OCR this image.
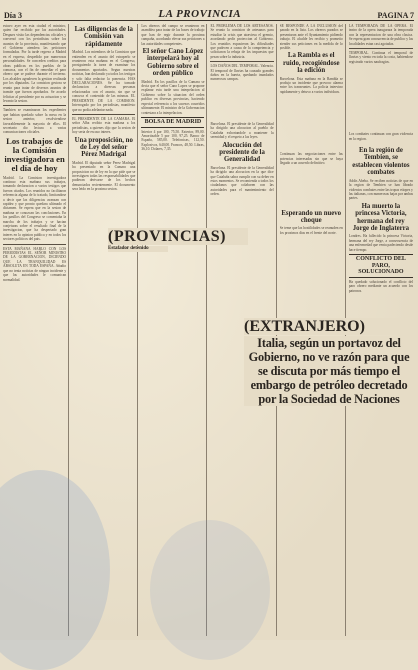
Día 3	LA PROVINCIA	PAGINA 7
estuvo ayer en esta ciudad el ministro, quien fue recibido por las autoridades. Despues visito las dependencias oficiales y conversó con los periodistas sobre los asuntos de la provincia, manifestando que el Gobierno atendera las peticiones formuladas. Por la tarde regreso a Madrid en el expreso, despedido por numerosas personalidades. Se conceden creditos para obras publicas en los pueblos de la comarca, con el fin de remediar el paro obrero que se padece durante el invierno. Los alcaldes agradecen la gestion realizada por los diputados. La comision gestora se reunio para tratar de diversos asuntos de tramite que fueron aprobados. Se acordo felicitar al presidente por su actuacion y se levanto la sesion.
Tambien se examinaron los expedientes que habian quedado sobre la mesa en la sesion anterior, resolviendose favorablemente la mayoria de ellos. El secretario dio lectura a varias comunicaciones oficiales.
Los trabajos de la Comisión investigadora en el día de hoy
Madrid. La Comision investigadora continuo esta mañana sus trabajos, tomando declaracion a varios testigos que fueron citados. Los reunidos no facilitaron referencia alguna de lo tratado, limitandose a decir que las diligencias avanzan con rapidez y que pronto quedara ultimado el dictamen. Se espera que en la sesion de mañana se conozcan las conclusiones. En los pasillos del Congreso se comentaba la marcha de los trabajos y se hacian conjeturas sobre el resultado final de la investigacion, que ha despertado gran interes en la opinion publica y en todos los sectores politicos del pais.
ESTA MAÑANA HABLO CON LOS PERIODISTAS EL SEÑOR MINISTRO DE LA GOBERNACION, DICIENDO QUE LA TRANQUILIDAD ES ABSOLUTA EN TODA ESPAÑA. Añadio que no tenia noticias de ningun incidente y que las autoridades le comunican normalidad.
Las diligencias de la Comisión van rápidamente
Madrid. Los miembros de la Comision que entienden en el asunto del estraperlo se reunieron esta mañana en el Congreso, prosiguiendo la tarea de examinar los documentos aportados. Segun nuestras noticias, han declarado ya todos los testigos y solo falta redactar la ponencia. HAS DECLARACIONES. Se ha tomado declaracion a diversas personas relacionadas con el asunto, sin que se conozca el contenido de las mismas. EL PRESIDENTE DE LA COMISION. Interrogado por los periodistas, manifesto que no podia adelantar nada.
EL PRESIDENTE DE LA CAMARA. El señor Alba recibio esta mañana a los periodistas, a quienes dijo que la sesion de hoy seria de escaso interes.
Una proposición, no de Ley del señor Pérez Madrigal
Madrid. El diputado señor Perez Madrigal ha presentado en la Camara una proposicion no de ley en la que pide que se investiguen todas las responsabilidades que pudieran derivarse de los hechos denunciados recientemente. El documento sera leido en la proxima sesion.
Los obreros del campo se reunieron en asamblea para tratar de las bases de trabajo que han de regir durante la proxima campaña, acordando elevar sus peticiones a las autoridades competentes.
El señor Cano López interpelará hoy al Gobierno sobre el orden público
Madrid. En los pasillos de la Camara se decia que el señor Cano Lopez se propone explanar esta tarde una interpelacion al Gobierno sobre la situacion del orden publico en diversas provincias, haciendo especial referencia a los sucesos ocurridos ultimamente. El ministro de la Gobernacion contestara a la interpelacion.
BOLSA DE MADRID
Interior 4 por 100, 75,50. Exterior, 89,00. Amortizable 5 por 100, 97,25. Banco de España, 585,00. Telefonicas, 112,50. Explosivos, 640,00. Francos, 48,50. Libras, 36,10. Dolares, 7,35.
EL PROBLEMA DE LOS ARTESANOS. Se reunio la comision de artesanos para estudiar la crisis que atraviesa el gremio, acordando pedir proteccion al Gobierno. Los reunidos expusieron las dificultades que padecen a causa de la competencia y solicitaron la rebaja de los impuestos que pesan sobre la industria.
LOS DAÑOS DEL TEMPORAL. Valencia. El temporal de lluvias ha causado grandes daños en la huerta, quedando inundados numerosos campos.
Barcelona. El presidente de la Generalidad ha dirigido una alocucion al pueblo de Cataluña exhortandole a mantener la serenidad y el respeto a las leyes.
Alocución del presidente de la Generalidad
Barcelona. El presidente de la Generalidad ha dirigido una alocucion en la que dice que Cataluña sabra cumplir con su deber en estos momentos. Se recomienda a todos los ciudadanos que colaboren con las autoridades para el mantenimiento del orden.
SE RESPONDE A LA INCLUSION del parado en la lista. Los obreros parados se presentaron ante el Ayuntamiento pidiendo trabajo. El alcalde les recibio y prometio atender sus peticiones en la medida de lo posible.
La Rambla es el ruido, recogiéndose la edición
Barcelona. Esta mañana en la Rambla se produjo un incidente que provoco alarma entre los transeuntes. La policia intervino rapidamente y detuvo a varios individuos.
Continuan las negociaciones entre las potencias interesadas sin que se haya llegado a un acuerdo definitivo.
Esperando un nuevo choque
Se teme que las hostilidades se reanuden en los proximos dias en el frente del norte.
LA TEMPORADA DE LA OPERA. El teatro de la opera inaugurara la temporada con la representacion de una obra clasica. Se espera gran concurrencia de publico y las localidades estan casi agotadas.
TEMPORAL. Continua el temporal de lluvias y viento en toda la costa, habiendose registrado varios naufragios.
Los combates continuan con gran violencia en la region.
En la región de Tembien, se establecen violentos combates
Addis Abeba. Se reciben noticias de que en la region de Tembien se han librado violentos combates entre las tropas etiopes y las italianas, con numerosas bajas por ambas partes.
Ha muerto la princesa Victoria, hermana del rey Jorge de Inglaterra
Londres. Ha fallecido la princesa Victoria, hermana del rey Jorge, a consecuencia de una enfermedad que venia padeciendo desde hace tiempo.
CONFLICTO DEL PARO, SOLUCIONADO
Ha quedado solucionado el conflicto del paro obrero mediante un acuerdo con los patronos.
(PROVINCIAS)
Estafador detenido
(EXTRANJERO)
Italia, según un portavoz del Gobierno, no ve razón para que se discuta por más tiempo el embargo de petróleo decretado por la Sociedad de Naciones
